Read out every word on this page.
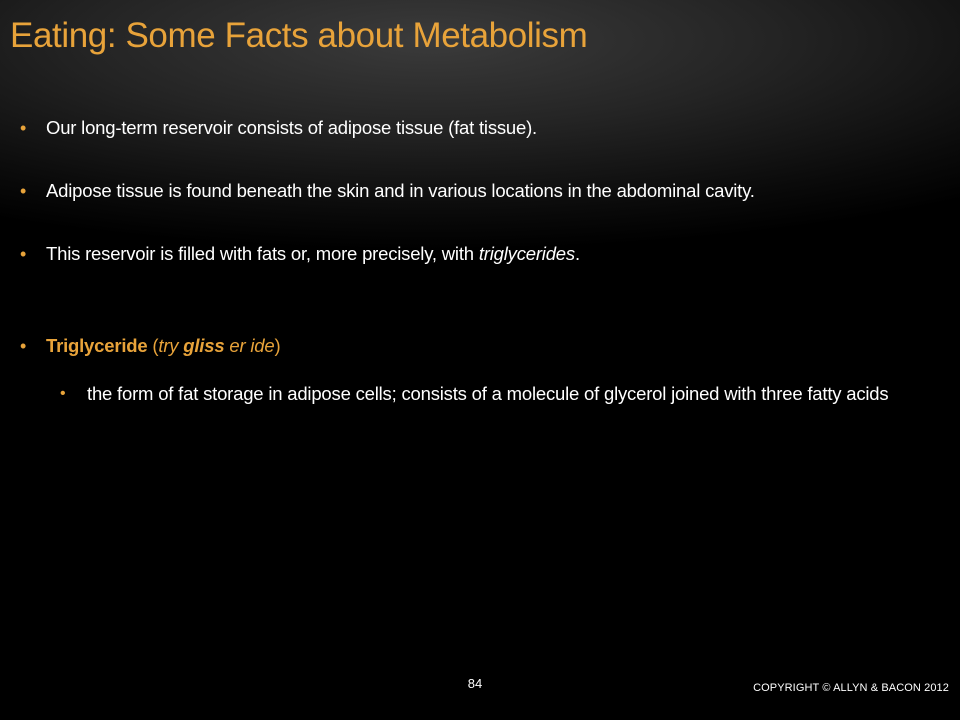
Eating: Some Facts about Metabolism
• Our long-term reservoir consists of adipose tissue (fat tissue).
• Adipose tissue is found beneath the skin and in various locations in the abdominal cavity.
• This reservoir is filled with fats or, more precisely, with triglycerides.
• Triglyceride (try gliss er ide)
• the form of fat storage in adipose cells; consists of a molecule of glycerol joined with three fatty acids
84	COPYRIGHT © ALLYN & BACON 2012
